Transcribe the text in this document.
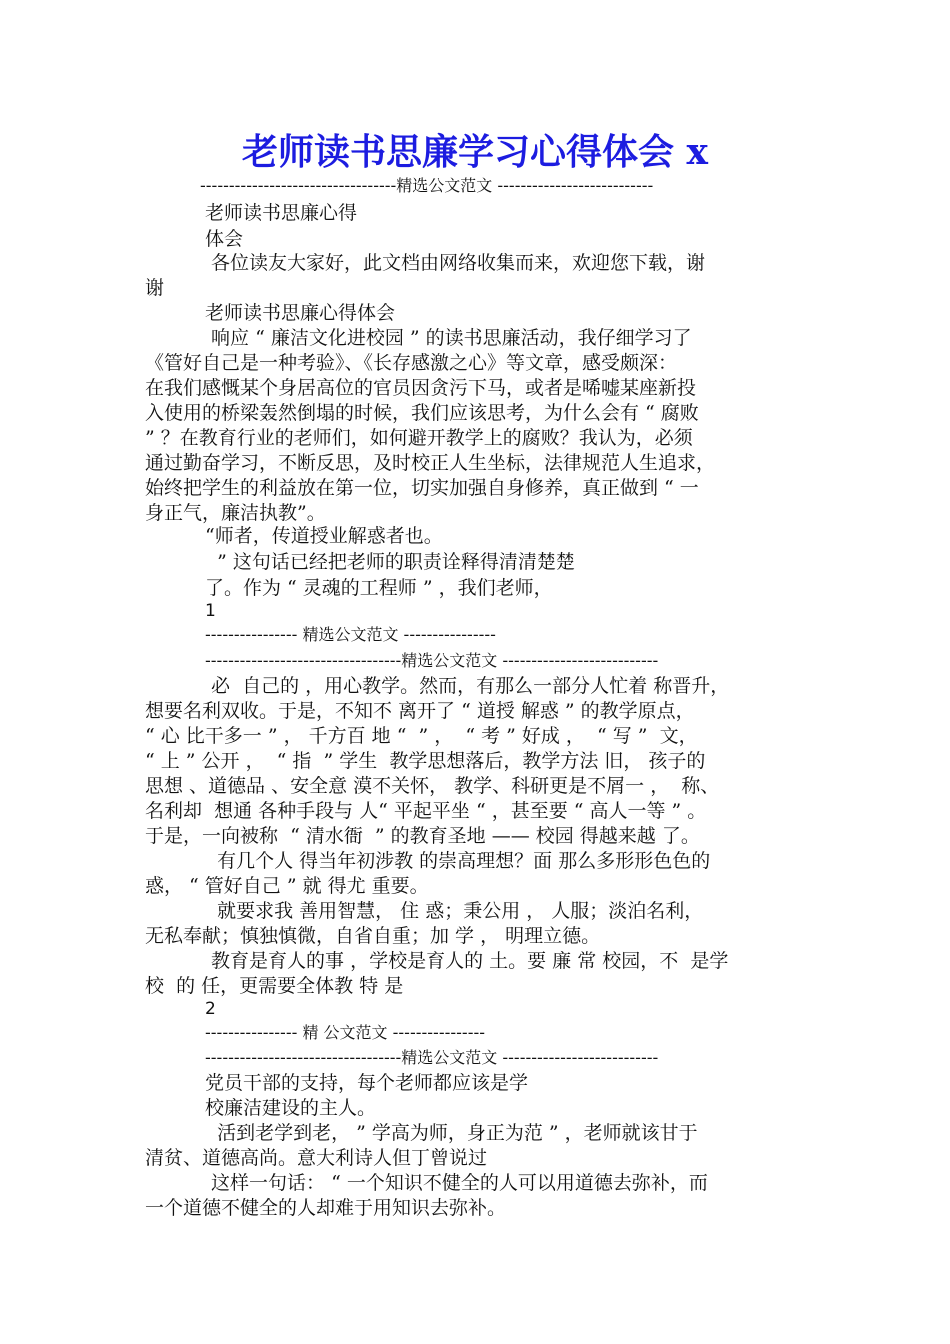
老师读书思廉学习心得体会 x
----------------------------------精选公文范文 ---------------------------
老师读书思廉心得
体会
各位读友大家好，此文档由网络收集而来，欢迎您下载，谢
谢
老师读书思廉心得体会
响应 “ 廉洁文化进校园 ” 的读书思廉活动，我仔细学习了
《管好自己是一种考验》、《长存感激之心》等文章，感受颇深：
在我们感慨某个身居高位的官员因贪污下马，或者是唏嘘某座新投
入使用的桥梁轰然倒塌的时候，我们应该思考，为什么会有 “ 腐败
” ？在教育行业的老师们，如何避开教学上的腐败？我认为，必须
通过勤奋学习，不断反思，及时校正人生坐标，法律规范人生追求，
始终把学生的利益放在第一位，切实加强自身修养，真正做到 “ 一
身正气，廉洁执教”。
“师者，传道授业解惑者也。
” 这句话已经把老师的职责诠释得清清楚楚
了。作为 “ 灵魂的工程师 ” ，我们老师，
1
---------------- 精选公文范文 ----------------
----------------------------------精选公文范文 ---------------------------
必  自己的 ，用心教学。然而，有那么一部分人忙着 称晋升，
想要名利双收。于是，不知不 离开了 “ 道授 解惑 ” 的教学原点，
“ 心 比干多一 ” ， 千方百 地 “  ” ，  “ 考 ” 好成 ，  “ 写 ”  文，
“ 上 ” 公开 ，  “ 指  ” 学生  教学思想落后，教学方法 旧， 孩子的
思想 、道德品 、安全意 漠不关怀， 教学、科研更是不屑一 ，  称、
名利却  想通 各种手段与 人“ 平起平坐 “ ，甚至要 “ 高人一等 ” 。
于是，一向被称  “ 清水衙  ” 的教育圣地 —— 校园 得越来越 了。
有几个人 得当年初涉教 的崇高理想？面 那么多形形色色的
惑， “ 管好自己 ” 就 得尤 重要。
就要求我 善用智慧， 住 惑；秉公用 ， 人服；淡泊名利，
无私奉献；慎独慎微，自省自重；加 学 ， 明理立德。
教育是育人的事 ，学校是育人的 土。要 廉 常 校园，不  是学
校  的 任，更需要全体教 特 是
2
---------------- 精 公文范文 ----------------
----------------------------------精选公文范文 ---------------------------
党员干部的支持，每个老师都应该是学
校廉洁建设的主人。
活到老学到老， ” 学高为师，身正为范 ” ，老师就该甘于
清贫、道德高尚。意大利诗人但丁曾说过
这样一句话： “ 一个知识不健全的人可以用道德去弥补，而
一个道德不健全的人却难于用知识去弥补。
